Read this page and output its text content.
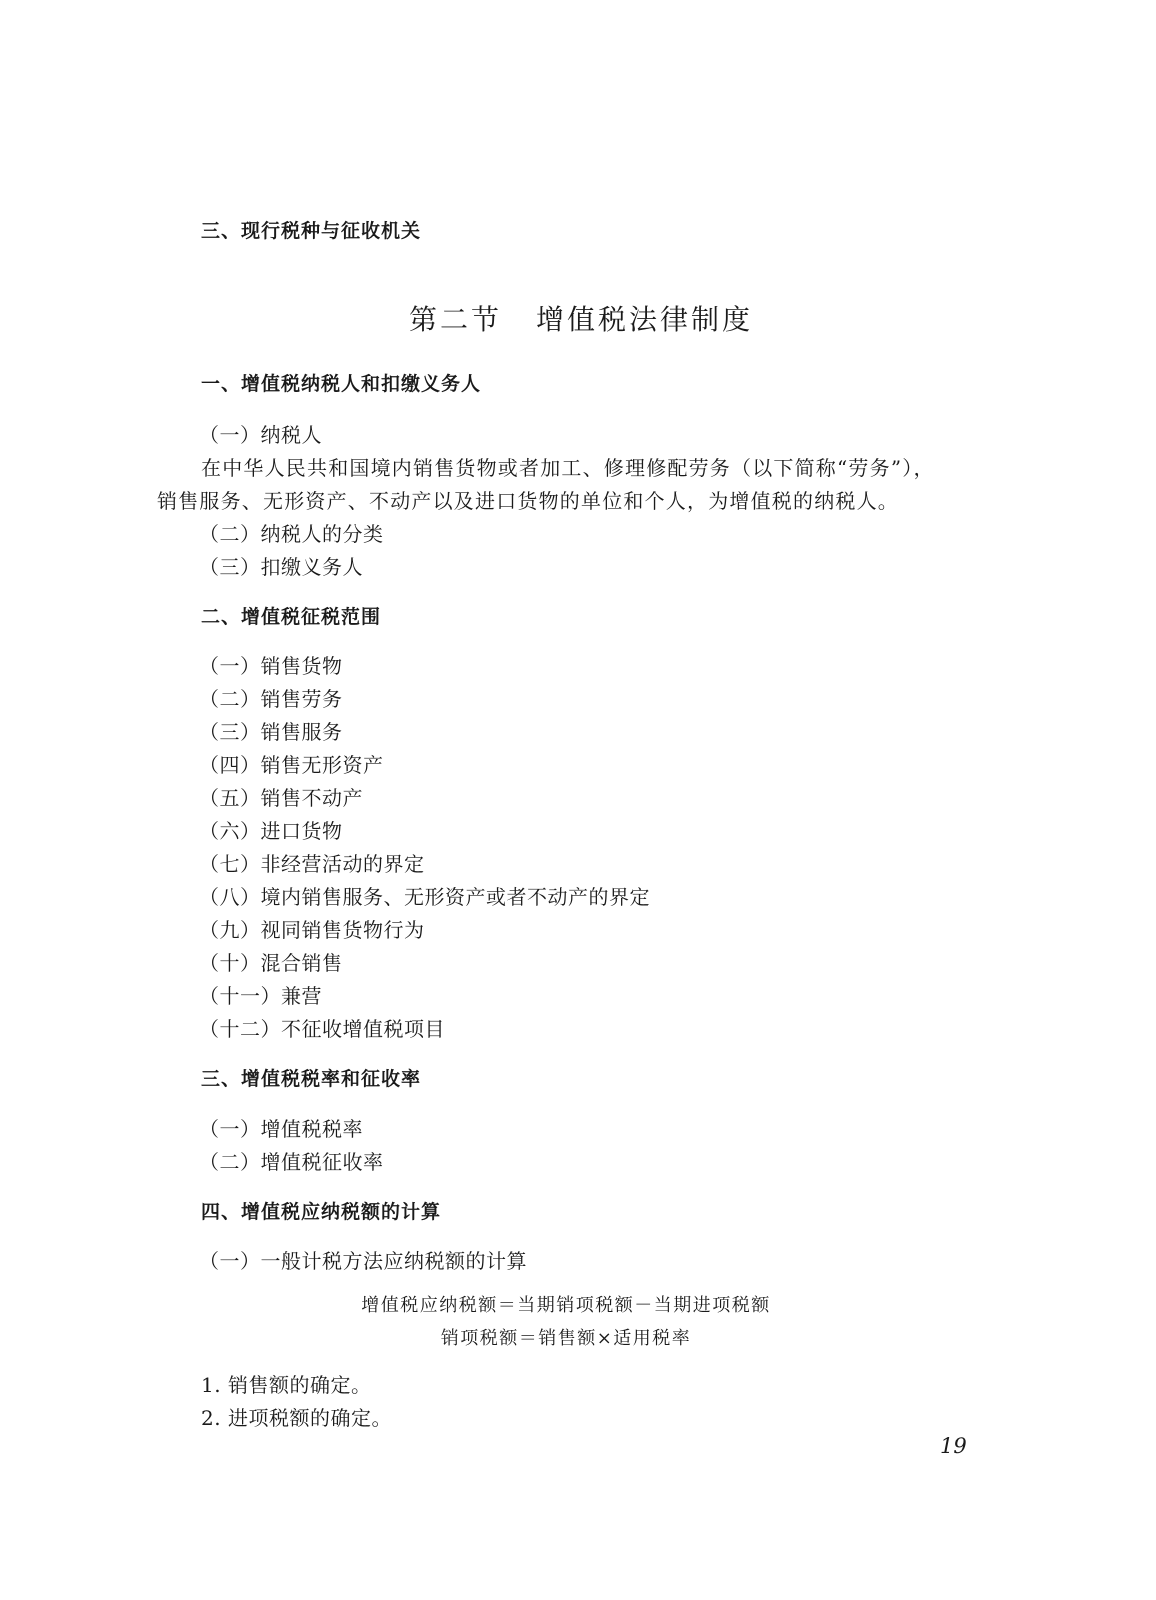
三、现行税种与征收机关
第二节 增值税法律制度
一、增值税纳税人和扣缴义务人
（一）纳税人
在中华人民共和国境内销售货物或者加工、修理修配劳务（以下简称“劳务”），
销售服务、无形资产、不动产以及进口货物的单位和个人，为增值税的纳税人。
（二）纳税人的分类
（三）扣缴义务人
二、增值税征税范围
（一）销售货物
（二）销售劳务
（三）销售服务
（四）销售无形资产
（五）销售不动产
（六）进口货物
（七）非经营活动的界定
（八）境内销售服务、无形资产或者不动产的界定
（九）视同销售货物行为
（十）混合销售
（十一）兼营
（十二）不征收增值税项目
三、增值税税率和征收率
（一）增值税税率
（二）增值税征收率
四、增值税应纳税额的计算
（一）一般计税方法应纳税额的计算
增值税应纳税额＝当期销项税额－当期进项税额
销项税额＝销售额×适用税率
1. 销售额的确定。
2. 进项税额的确定。
19
